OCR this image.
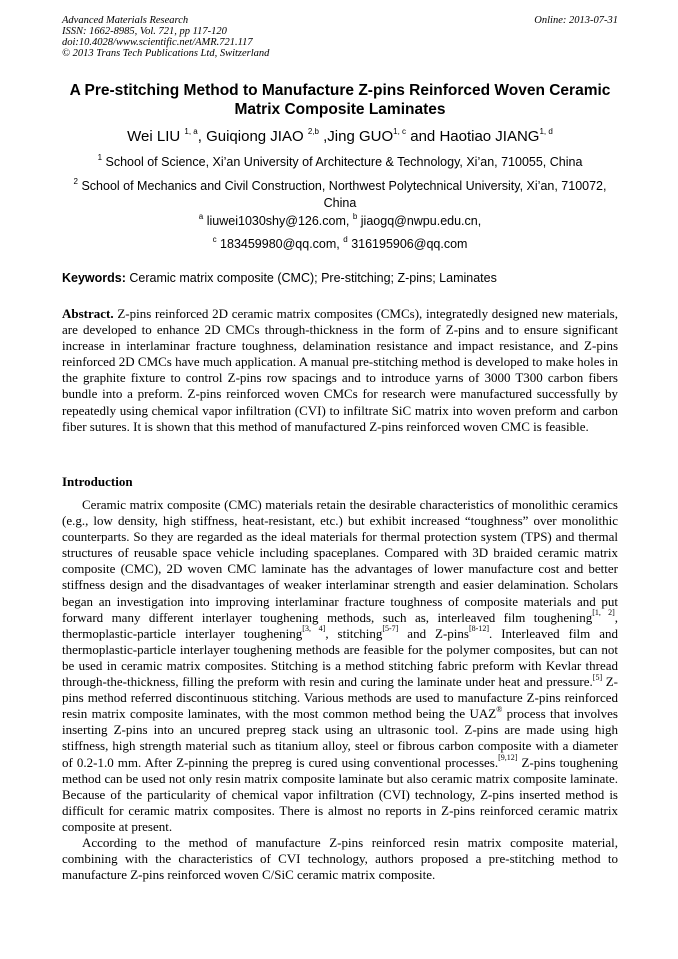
Advanced Materials Research
ISSN: 1662-8985, Vol. 721, pp 117-120
doi:10.4028/www.scientific.net/AMR.721.117
© 2013 Trans Tech Publications Ltd, Switzerland
Online: 2013-07-31
A Pre-stitching Method to Manufacture Z-pins Reinforced Woven Ceramic Matrix Composite Laminates
Wei LIU $^{1, a}$, Guiqiong JIAO $^{2,b}$ ,Jing GUO$^{1, c}$ and Haotiao JIANG$^{1, d}$
$^1$ School of Science, Xi’an University of Architecture & Technology, Xi’an, 710055, China
$^2$ School of Mechanics and Civil Construction, Northwest Polytechnical University, Xi’an, 710072, China
$^a$ liuwei1030shy@126.com, $^b$ jiaogq@nwpu.edu.cn,
$^c$ 183459980@qq.com, $^d$ 316195906@qq.com
Keywords: Ceramic matrix composite (CMC); Pre-stitching; Z-pins; Laminates
Abstract. Z-pins reinforced 2D ceramic matrix composites (CMCs), integratedly designed new materials, are developed to enhance 2D CMCs through-thickness in the form of Z-pins and to ensure significant increase in interlaminar fracture toughness, delamination resistance and impact resistance, and Z-pins reinforced 2D CMCs have much application. A manual pre-stitching method is developed to make holes in the graphite fixture to control Z-pins row spacings and to introduce yarns of 3000 T300 carbon fibers bundle into a preform. Z-pins reinforced woven CMCs for research were manufactured successfully by repeatedly using chemical vapor infiltration (CVI) to infiltrate SiC matrix into woven preform and carbon fiber sutures. It is shown that this method of manufactured Z-pins reinforced woven CMC is feasible.
Introduction

Ceramic matrix composite (CMC) materials retain the desirable characteristics of monolithic ceramics (e.g., low density, high stiffness, heat-resistant, etc.) but exhibit increased “toughness” over monolithic counterparts. So they are regarded as the ideal materials for thermal protection system (TPS) and thermal structures of reusable space vehicle including spaceplanes. Compared with 3D braided ceramic matrix composite (CMC), 2D woven CMC laminate has the advantages of lower manufacture cost and better stiffness design and the disadvantages of weaker interlaminar strength and easier delamination. Scholars began an investigation into improving interlaminar fracture toughness of composite materials and put forward many different interlayer toughening methods, such as, interleaved film toughening[1, 2], thermoplastic-particle interlayer toughening[3, 4], stitching[5-7] and Z-pins[8-12]. Interleaved film and thermoplastic-particle interlayer toughening methods are feasible for the polymer composites, but can not be used in ceramic matrix composites. Stitching is a method stitching fabric preform with Kevlar thread through-the-thickness, filling the preform with resin and curing the laminate under heat and pressure.[5] Z-pins method referred discontinuous stitching. Various methods are used to manufacture Z-pins reinforced resin matrix composite laminates, with the most common method being the UAZ® process that involves inserting Z-pins into an uncured prepreg stack using an ultrasonic tool. Z-pins are made using high stiffness, high strength material such as titanium alloy, steel or fibrous carbon composite with a diameter of 0.2-1.0 mm. After Z-pinning the prepreg is cured using conventional processes.[9,12] Z-pins toughening method can be used not only resin matrix composite laminate but also ceramic matrix composite laminate. Because of the particularity of chemical vapor infiltration (CVI) technology, Z-pins inserted method is difficult for ceramic matrix composites. There is almost no reports in Z-pins reinforced ceramic matrix composite at present.

According to the method of manufacture Z-pins reinforced resin matrix composite material, combining with the characteristics of CVI technology, authors proposed a pre-stitching method to manufacture Z-pins reinforced woven C/SiC ceramic matrix composite.
